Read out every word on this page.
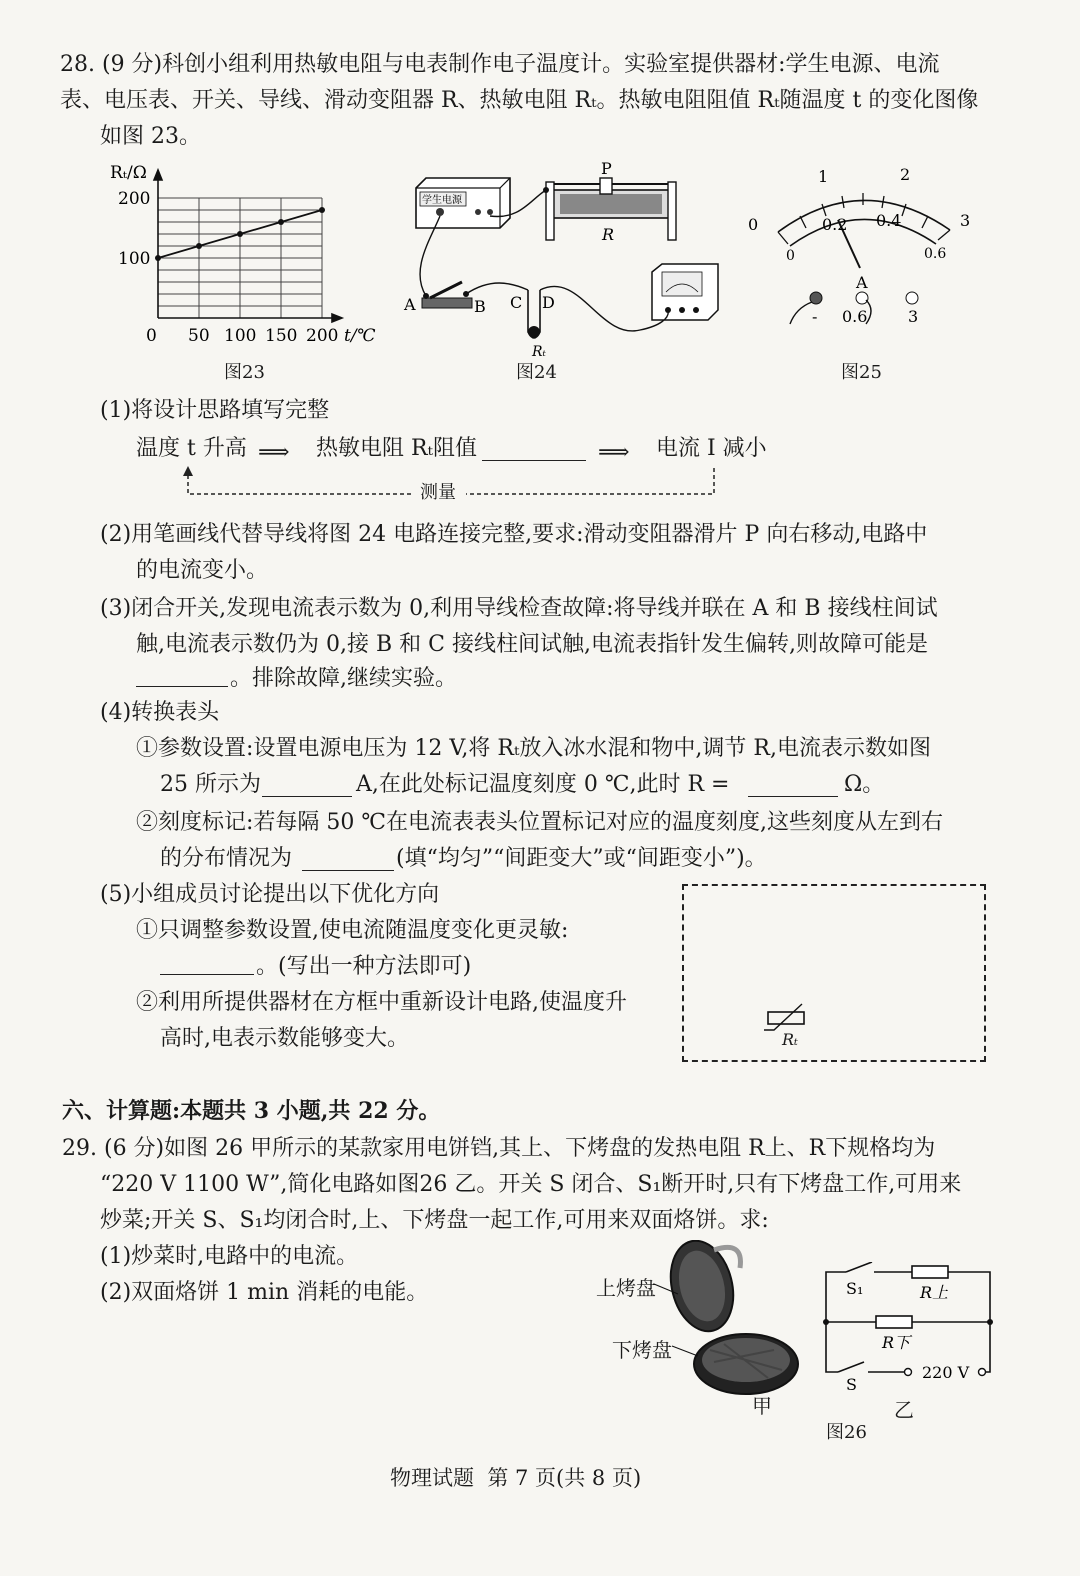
28. (9 分)科创小组利用热敏电阻与电表制作电子温度计。实验室提供器材:学生电源、电流
表、电压表、开关、导线、滑动变阻器 R、热敏电阻 Rₜ。热敏电阻阻值 Rₜ随温度 t 的变化图像
如图 23。
Rₜ/Ω
200
100
0 50 100 150 200 t/℃
图23
学生电源
P
R
A	B C D
Rₜ
图24
0
1	2
3
0
0.2 0.4
0.6
A
- 0.6	3
图25
(1)将设计思路填写完整
温度 t 升高 ⟹ 热敏电阻 Rₜ阻值	⟹ 电流 I 减小
测量
(2)用笔画线代替导线将图 24 电路连接完整,要求:滑动变阻器滑片 P 向右移动,电路中
的电流变小。
(3)闭合开关,发现电流表示数为 0,利用导线检查故障:将导线并联在 A 和 B 接线柱间试
触,电流表示数仍为 0,接 B 和 C 接线柱间试触,电流表指针发生偏转,则故障可能是
。排除故障,继续实验。
(4)转换表头
①参数设置:设置电源电压为 12 V,将 Rₜ放入冰水混和物中,调节 R,电流表示数如图
25 所示为	A,在此处标记温度刻度 0 ℃,此时 R =	Ω。
②刻度标记:若每隔 50 ℃在电流表表头位置标记对应的温度刻度,这些刻度从左到右
的分布情况为	(填“均匀”“间距变大”或“间距变小”)。
(5)小组成员讨论提出以下优化方向
①只调整参数设置,使电流随温度变化更灵敏:
。(写出一种方法即可)
②利用所提供器材在方框中重新设计电路,使温度升
高时,电表示数能够变大。	Rₜ
六、计算题:本题共 3 小题,共 22 分。
29. (6 分)如图 26 甲所示的某款家用电饼铛,其上、下烤盘的发热电阻 R上、R下规格均为
“220 V 1100 W”,简化电路如图26 乙。开关 S 闭合、S₁断开时,只有下烤盘工作,可用来
炒菜;开关 S、S₁均闭合时,上、下烤盘一起工作,可用来双面烙饼。求:
(1)炒菜时,电路中的电流。
(2)双面烙饼 1 min 消耗的电能。	上烤盘
下烤盘
甲
S₁	R上
R下
S
220 V
乙
图26
物理试题  第 7 页(共 8 页)
